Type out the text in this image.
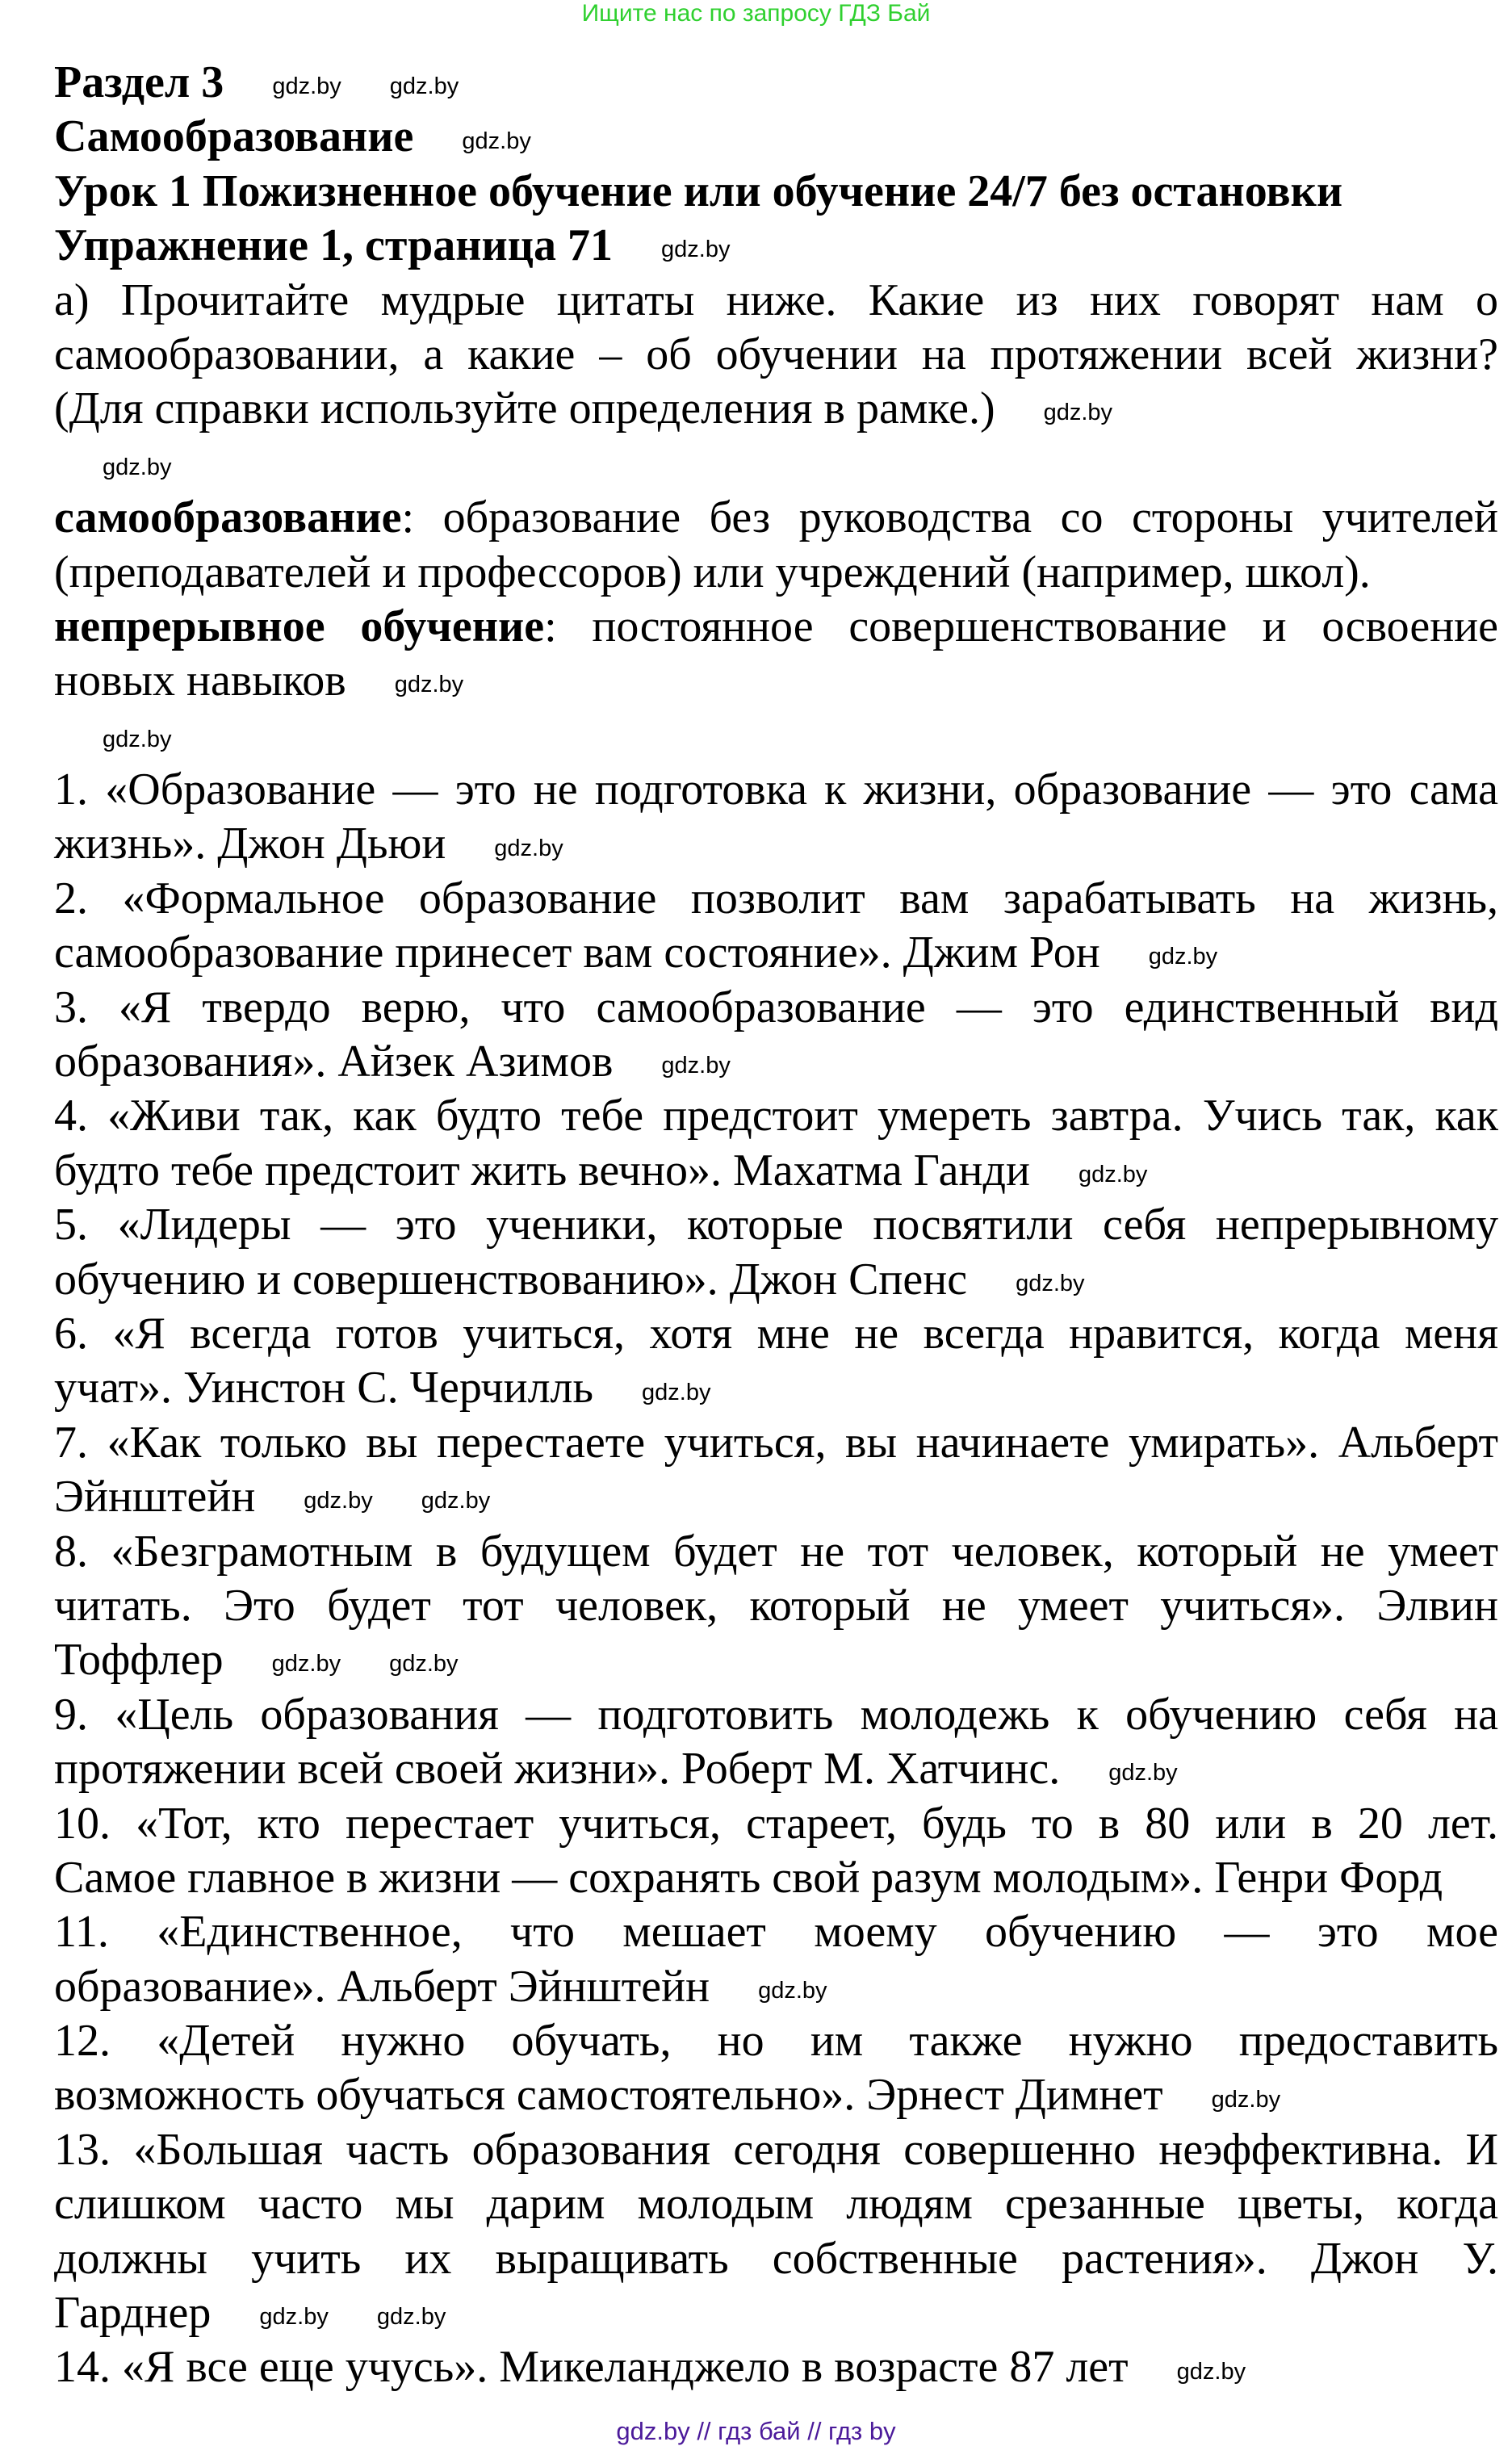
Ищите нас по запросу ГДЗ Бай
Раздел 3 gdz.by gdz.by
Самообразование gdz.by
Урок 1 Пожизненное обучение или обучение 24/7 без остановки
Упражнение 1, страница 71 gdz.by
а) Прочитайте мудрые цитаты ниже. Какие из них говорят нам о
самообразовании, а какие – об обучении на протяжении всей жизни?
(Для справки используйте определения в рамке.) gdz.by
gdz.by
самообразование: образование без руководства со стороны учителей
(преподавателей и профессоров) или учреждений (например, школ).
непрерывное обучение: постоянное совершенствование и освоение
новых навыков gdz.by
gdz.by
1. «Образование — это не подготовка к жизни, образование — это сама
жизнь». Джон Дьюи gdz.by
2. «Формальное образование позволит вам зарабатывать на жизнь,
самообразование принесет вам состояние». Джим Рон gdz.by
3. «Я твердо верю, что самообразование — это единственный вид
образования». Айзек Азимов gdz.by
4. «Живи так, как будто тебе предстоит умереть завтра. Учись так, как
будто тебе предстоит жить вечно». Махатма Ганди gdz.by
5. «Лидеры — это ученики, которые посвятили себя непрерывному
обучению и совершенствованию». Джон Спенс gdz.by
6. «Я всегда готов учиться, хотя мне не всегда нравится, когда меня
учат». Уинстон С. Черчилль gdz.by
7. «Как только вы перестаете учиться, вы начинаете умирать». Альберт
Эйнштейн gdz.by gdz.by
8. «Безграмотным в будущем будет не тот человек, который не умеет
читать. Это будет тот человек, который не умеет учиться». Элвин
Тоффлер gdz.by gdz.by
9. «Цель образования — подготовить молодежь к обучению себя на
протяжении всей своей жизни». Роберт М. Хатчинс. gdz.by
10. «Тот, кто перестает учиться, стареет, будь то в 80 или в 20 лет.
Самое главное в жизни — сохранять свой разум молодым». Генри Форд
11. «Единственное, что мешает моему обучению — это мое
образование». Альберт Эйнштейн gdz.by
12. «Детей нужно обучать, но им также нужно предоставить
возможность обучаться самостоятельно». Эрнест Димнет gdz.by
13. «Большая часть образования сегодня совершенно неэффективна. И
слишком часто мы дарим молодым людям срезанные цветы, когда
должны учить их выращивать собственные растения». Джон У.
Гарднер gdz.by gdz.by
14. «Я все еще учусь». Микеланджело в возрасте 87 лет gdz.by
gdz.by // гдз бай // гдз by
